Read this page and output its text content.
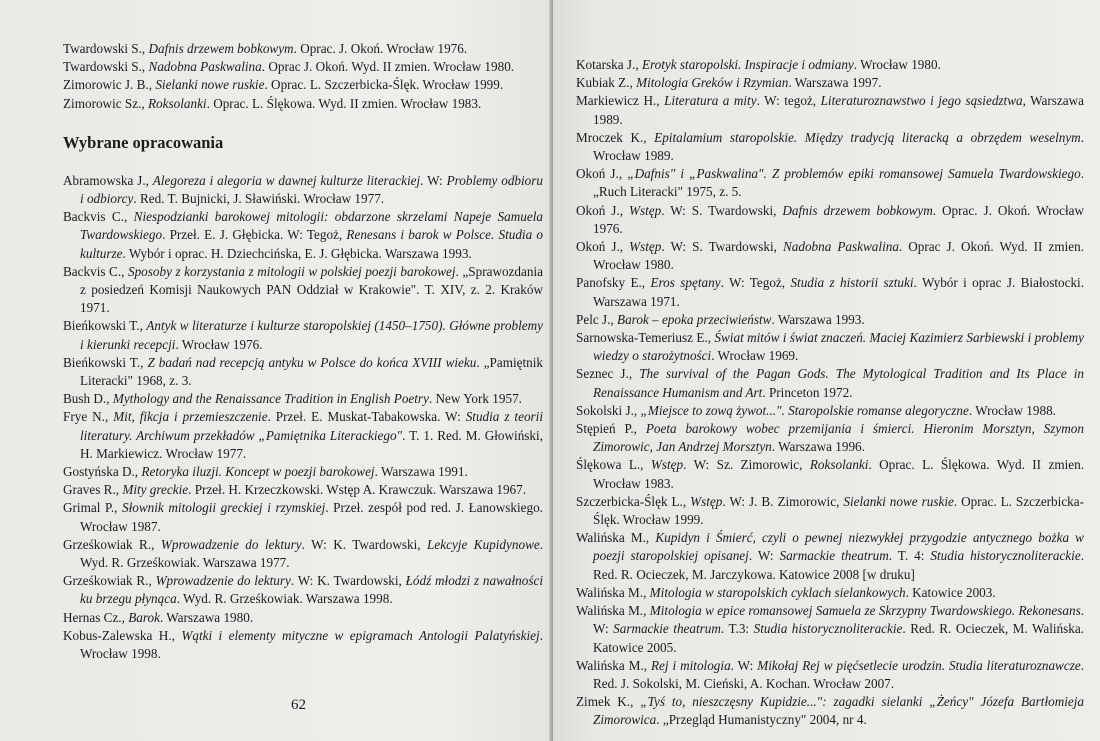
Twardowski S., Dafnis drzewem bobkowym. Oprac. J. Okoń. Wrocław 1976.

Twardowski S., Nadobna Paskwalina. Oprac J. Okoń. Wyd. II zmien. Wrocław 1980.

Zimorowic J. B., Sielanki nowe ruskie. Oprac. L. Szczerbicka-Ślęk. Wrocław 1999.

Zimorowic Sz., Roksolanki. Oprac. L. Ślękowa. Wyd. II zmien. Wrocław 1983.

Wybrane opracowania

Abramowska J., Alegoreza i alegoria w dawnej kulturze literackiej. W: Problemy odbioru i odbiorcy. Red. T. Bujnicki, J. Sławiński. Wrocław 1977.

Backvis C., Niespodzianki barokowej mitologii: obdarzone skrzelami Napeje Samuela Twardowskiego. Przeł. E. J. Głębicka. W: Tegoż, Renesans i barok w Polsce. Studia o kulturze. Wybór i oprac. H. Dziechcińska, E. J. Głębicka. Warszawa 1993.

Backvis C., Sposoby z korzystania z mitologii w polskiej poezji barokowej. „Sprawozdania z posiedzeń Komisji Naukowych PAN Oddział w Krakowie". T. XIV, z. 2. Kraków 1971.

Bieńkowski T., Antyk w literaturze i kulturze staropolskiej (1450–1750). Główne problemy i kierunki recepcji. Wrocław 1976.

Bieńkowski T., Z badań nad recepcją antyku w Polsce do końca XVIII wieku. „Pamiętnik Literacki" 1968, z. 3.

Bush D., Mythology and the Renaissance Tradition in English Poetry. New York 1957.

Frye N., Mit, fikcja i przemieszczenie. Przeł. E. Muskat-Tabakowska. W: Studia z teorii literatury. Archiwum przekładów „Pamiętnika Literackiego". T. 1. Red. M. Głowiński, H. Markiewicz. Wrocław 1977.

Gostyńska D., Retoryka iluzji. Koncept w poezji barokowej. Warszawa 1991.

Graves R., Mity greckie. Przeł. H. Krzeczkowski. Wstęp A. Krawczuk. Warszawa 1967.

Grimal P., Słownik mitologii greckiej i rzymskiej. Przeł. zespół pod red. J. Łanowskiego. Wrocław 1987.

Grześkowiak R., Wprowadzenie do lektury. W: K. Twardowski, Lekcyje Kupidynowe. Wyd. R. Grześkowiak. Warszawa 1977.

Grześkowiak R., Wprowadzenie do lektury. W: K. Twardowski, Łódź młodzi z nawałności ku brzegu płynąca. Wyd. R. Grześkowiak. Warszawa 1998.

Hernas Cz., Barok. Warszawa 1980.

Kobus-Zalewska H., Wątki i elementy mityczne w epigramach Antologii Palatyńskiej. Wrocław 1998.

62

Kotarska J., Erotyk staropolski. Inspiracje i odmiany. Wrocław 1980.

Kubiak Z., Mitologia Greków i Rzymian. Warszawa 1997.

Markiewicz H., Literatura a mity. W: tegoż, Literaturoznawstwo i jego sąsiedztwa, Warszawa 1989.

Mroczek K., Epitalamium staropolskie. Między tradycją literacką a obrzędem weselnym. Wrocław 1989.

Okoń J., „Dafnis" i „Paskwalina". Z problemów epiki romansowej Samuela Twardowskiego. „Ruch Literacki" 1975, z. 5.

Okoń J., Wstęp. W: S. Twardowski, Dafnis drzewem bobkowym. Oprac. J. Okoń. Wrocław 1976.

Okoń J., Wstęp. W: S. Twardowski, Nadobna Paskwalina. Oprac J. Okoń. Wyd. II zmien. Wrocław 1980.

Panofsky E., Eros spętany. W: Tegoż, Studia z historii sztuki. Wybór i oprac J. Białostocki. Warszawa 1971.

Pelc J., Barok – epoka przeciwieństw. Warszawa 1993.

Sarnowska-Temeriusz E., Świat mitów i świat znaczeń. Maciej Kazimierz Sarbiewski i problemy wiedzy o starożytności. Wrocław 1969.

Seznec J., The survival of the Pagan Gods. The Mytological Tradition and Its Place in Renaissance Humanism and Art. Princeton 1972.

Sokolski J., „Miejsce to zową żywot...". Staropolskie romanse alegoryczne. Wrocław 1988.

Stępień P., Poeta barokowy wobec przemijania i śmierci. Hieronim Morsztyn, Szymon Zimorowic, Jan Andrzej Morsztyn. Warszawa 1996.

Ślękowa L., Wstęp. W: Sz. Zimorowic, Roksolanki. Oprac. L. Ślękowa. Wyd. II zmien. Wrocław 1983.

Szczerbicka-Ślęk L., Wstęp. W: J. B. Zimorowic, Sielanki nowe ruskie. Oprac. L. Szczerbicka-Ślęk. Wrocław 1999.

Walińska M., Kupidyn i Śmierć, czyli o pewnej niezwykłej przygodzie antycznego bożka w poezji staropolskiej opisanej. W: Sarmackie theatrum. T. 4: Studia historycznoliterackie. Red. R. Ocieczek, M. Jarczykowa. Katowice 2008 [w druku]

Walińska M., Mitologia w staropolskich cyklach sielankowych. Katowice 2003.

Walińska M., Mitologia w epice romansowej Samuela ze Skrzypny Twardowskiego. Rekonesans. W: Sarmackie theatrum. T.3: Studia historycznoliterackie. Red. R. Ocieczek, M. Walińska. Katowice 2005.

Walińska M., Rej i mitologia. W: Mikołaj Rej w pięćsetlecie urodzin. Studia literaturoznawcze. Red. J. Sokolski, M. Cieński, A. Kochan. Wrocław 2007.

Zimek K., „Tyś to, nieszczęsny Kupidzie...": zagadki sielanki „Żeńcy" Józefa Bartłomieja Zimorowica. „Przegląd Humanistyczny" 2004, nr 4.
